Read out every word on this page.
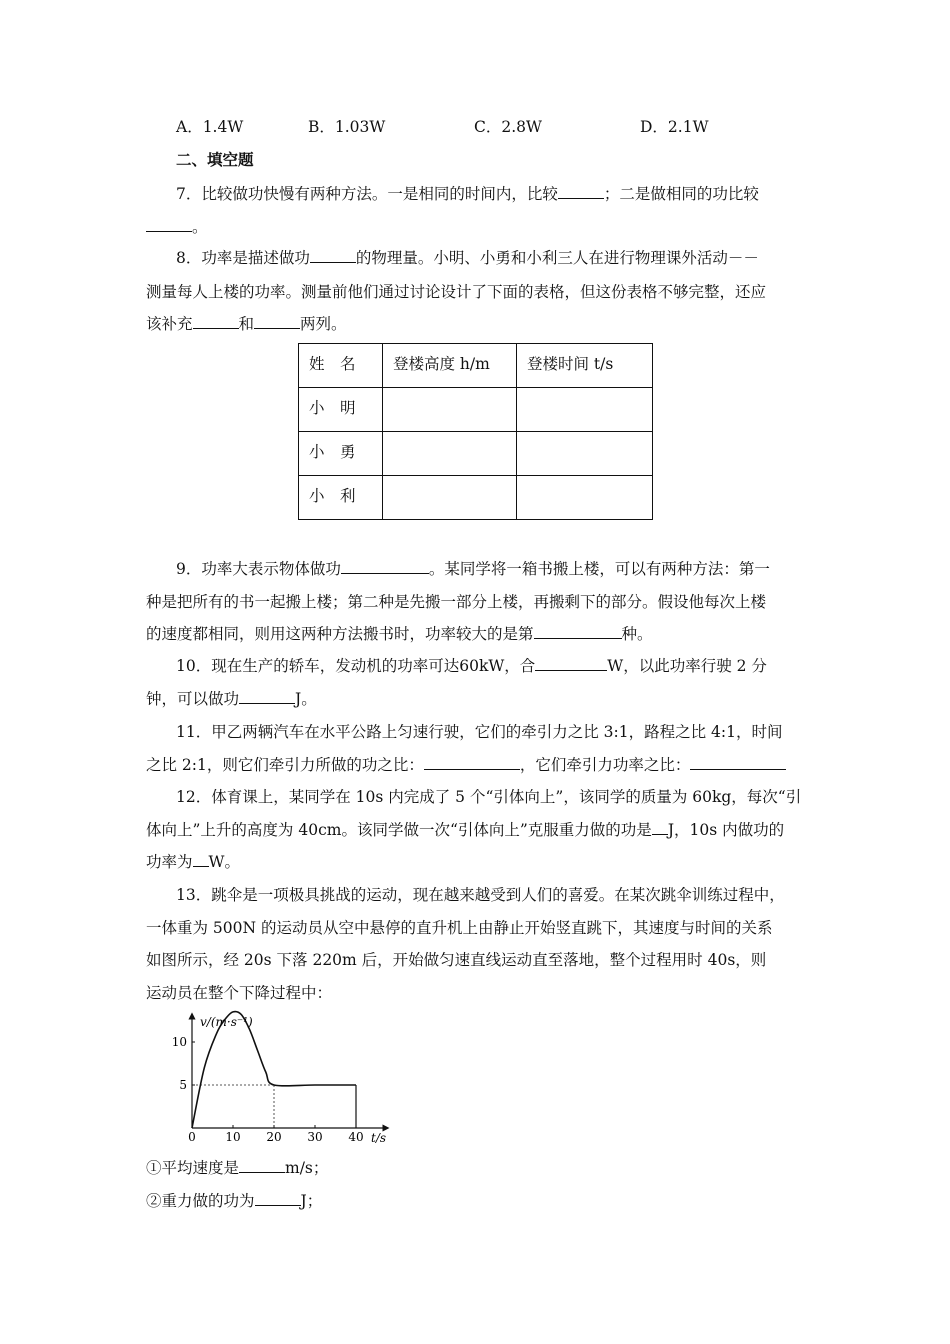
A．1.4W	B．1.03W	C．2.8W	D．2.1W
二、填空题
7．比较做功快慢有两种方法。一是相同的时间内，比较	；二是做相同的功比较
。
8．功率是描述做功	的物理量。小明、小勇和小利三人在进行物理课外活动－－
测量每人上楼的功率。测量前他们通过讨论设计了下面的表格，但这份表格不够完整，还应
该补充	和	两列。
姓　名	登楼高度 h/m	登楼时间 t/s
小　明		
小　勇		
小　利		
9．功率大表示物体做功	。某同学将一箱书搬上楼，可以有两种方法：第一
种是把所有的书一起搬上楼；第二种是先搬一部分上楼，再搬剩下的部分。假设他每次上楼
的速度都相同，则用这两种方法搬书时，功率较大的是第	种。
10．现在生产的轿车，发动机的功率可达60kW，合	W，以此功率行驶 2 分
钟，可以做功	J。
11．甲乙两辆汽车在水平公路上匀速行驶，它们的牵引力之比 3:1，路程之比 4:1，时间
之比 2:1，则它们牵引力所做的功之比：	，它们牵引力功率之比：
12．体育课上，某同学在 10s 内完成了 5 个“引体向上”，该同学的质量为 60kg，每次“引
体向上”上升的高度为 40cm。该同学做一次“引体向上”克服重力做的功是 J，10s 内做功的
功率为 W。
13．跳伞是一项极具挑战的运动，现在越来越受到人们的喜爱。在某次跳伞训练过程中，
一体重为 500N 的运动员从空中悬停的直升机上由静止开始竖直跳下，其速度与时间的关系
如图所示，经 20s 下落 220m 后，开始做匀速直线运动直至落地，整个过程用时 40s，则
运动员在整个下降过程中：
0 10 20 30 40
5
10
v/(m·s⁻¹)
t/s
①平均速度是	m/s；
②重力做的功为	J；
